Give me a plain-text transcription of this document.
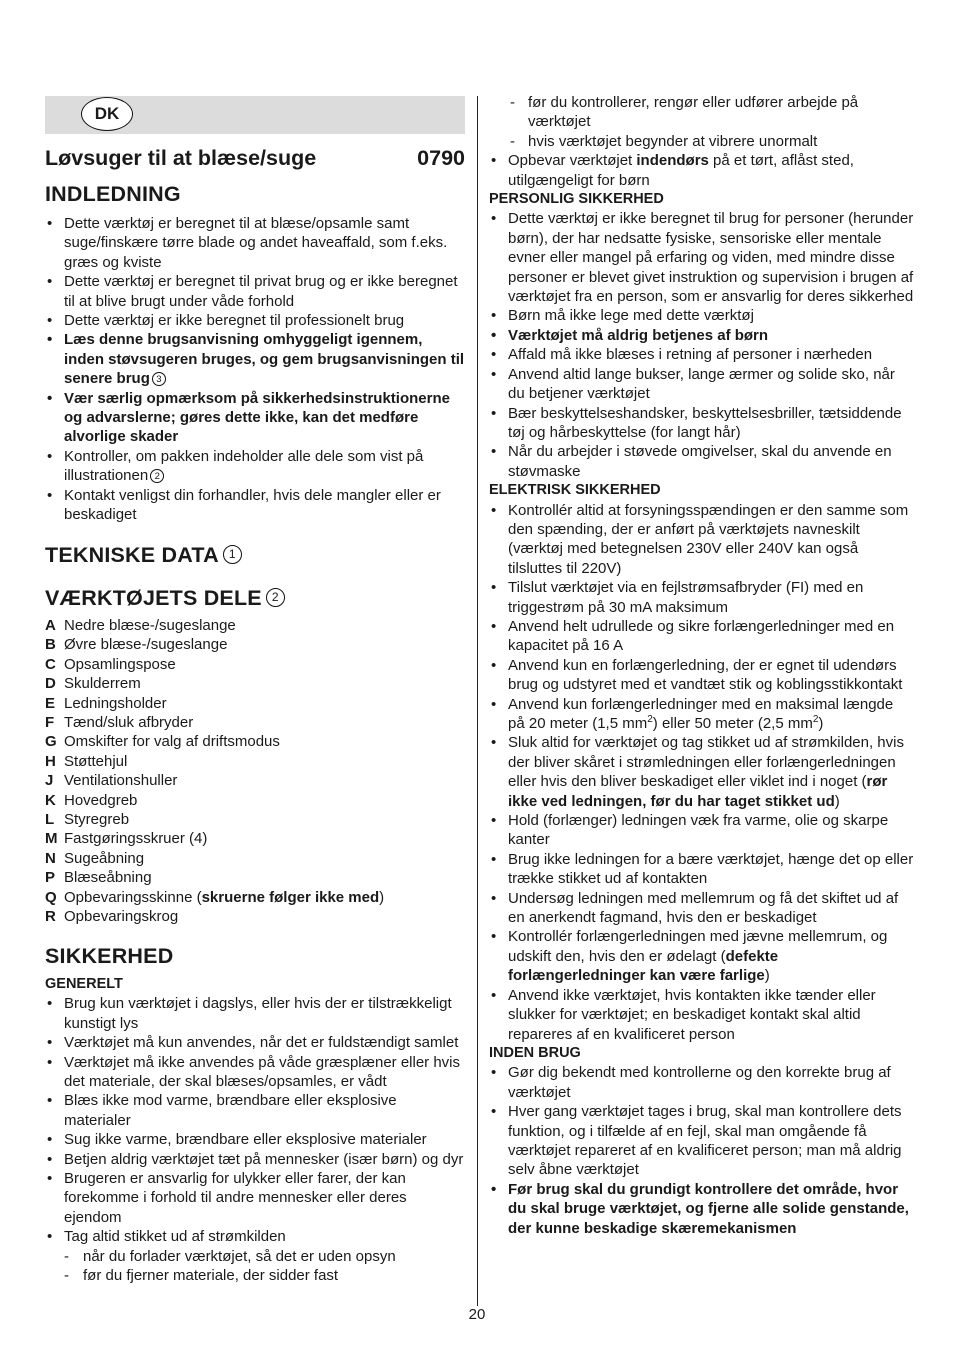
DK
Løvsuger til at blæse/suge	0790
INDLEDNING
• Dette værktøj er beregnet til at blæse/opsamle samt suge/finskære tørre blade og andet haveaffald, som f.eks. græs og kviste
• Dette værktøj er beregnet til privat brug og er ikke beregnet til at blive brugt under våde forhold
• Dette værktøj er ikke beregnet til professionelt brug
• Læs denne brugsanvisning omhyggeligt igennem, inden støvsugeren bruges, og gem brugsanvisningen til senere brug 3
• Vær særlig opmærksom på sikkerhedsinstruktionerne og advarslerne; gøres dette ikke, kan det medføre alvorlige skader
• Kontroller, om pakken indeholder alle dele som vist på illustrationen 2
• Kontakt venligst din forhandler, hvis dele mangler eller er beskadiget
TEKNISKE DATA 1
VÆRKTØJETS DELE 2
A Nedre blæse-/sugeslange
B Øvre blæse-/sugeslange
C Opsamlingspose
D Skulderrem
E Ledningsholder
F Tænd/sluk afbryder
G Omskifter for valg af driftsmodus
H Støttehjul
J Ventilationshuller
K Hovedgreb
L Styregreb
M Fastgøringsskruer (4)
N Sugeåbning
P Blæseåbning
Q Opbevaringsskinne (skruerne følger ikke med)
R Opbevaringskrog
SIKKERHED
GENERELT
• Brug kun værktøjet i dagslys, eller hvis der er tilstrækkeligt kunstigt lys
• Værktøjet må kun anvendes, når det er fuldstændigt samlet
• Værktøjet må ikke anvendes på våde græsplæner eller hvis det materiale, der skal blæses/opsamles, er vådt
• Blæs ikke mod varme, brændbare eller eksplosive materialer
• Sug ikke varme, brændbare eller eksplosive materialer
• Betjen aldrig værktøjet tæt på mennesker (især børn) og dyr
• Brugeren er ansvarlig for ulykker eller farer, der kan forekomme i forhold til andre mennesker eller deres ejendom
• Tag altid stikket ud af strømkilden
- når du forlader værktøjet, så det er uden opsyn
- før du fjerner materiale, der sidder fast
- før du kontrollerer, rengør eller udfører arbejde på værktøjet
- hvis værktøjet begynder at vibrere unormalt
• Opbevar værktøjet indendørs på et tørt, aflåst sted, utilgængeligt for børn
PERSONLIG SIKKERHED
• Dette værktøj er ikke beregnet til brug for personer (herunder børn), der har nedsatte fysiske, sensoriske eller mentale evner eller mangel på erfaring og viden, med mindre disse personer er blevet givet instruktion og supervision i brugen af værktøjet fra en person, som er ansvarlig for deres sikkerhed
• Børn må ikke lege med dette værktøj
• Værktøjet må aldrig betjenes af børn
• Affald må ikke blæses i retning af personer i nærheden
• Anvend altid lange bukser, lange ærmer og solide sko, når du betjener værktøjet
• Bær beskyttelseshandsker, beskyttelsesbriller, tætsiddende tøj og hårbeskyttelse (for langt hår)
• Når du arbejder i støvede omgivelser, skal du anvende en støvmaske
ELEKTRISK SIKKERHED
• Kontrollér altid at forsyningsspændingen er den samme som den spænding, der er anført på værktøjets navneskilt (værktøj med betegnelsen 230V eller 240V kan også tilsluttes til 220V)
• Tilslut værktøjet via en fejlstrømsafbryder (FI) med en triggestrøm på 30 mA maksimum
• Anvend helt udrullede og sikre forlængerledninger med en kapacitet på 16 A
• Anvend kun en forlængerledning, der er egnet til udendørs brug og udstyret med et vandtæt stik og koblingsstikkontakt
• Anvend kun forlængerledninger med en maksimal længde på 20 meter (1,5 $mm^2$) eller 50 meter (2,5 $mm^2$)
• Sluk altid for værktøjet og tag stikket ud af strømkilden, hvis der bliver skåret i strømledningen eller forlængerledningen eller hvis den bliver beskadiget eller viklet ind i noget (rør ikke ved ledningen, før du har taget stikket ud)
• Hold (forlænger) ledningen væk fra varme, olie og skarpe kanter
• Brug ikke ledningen for a bære værktøjet, hænge det op eller trække stikket ud af kontakten
• Undersøg ledningen med mellemrum og få det skiftet ud af en anerkendt fagmand, hvis den er beskadiget
• Kontrollér forlængerledningen med jævne mellemrum, og udskift den, hvis den er ødelagt (defekte forlængerledninger kan være farlige)
• Anvend ikke værktøjet, hvis kontakten ikke tænder eller slukker for værktøjet; en beskadiget kontakt skal altid repareres af en kvalificeret person
INDEN BRUG
• Gør dig bekendt med kontrollerne og den korrekte brug af værktøjet
• Hver gang værktøjet tages i brug, skal man kontrollere dets funktion, og i tilfælde af en fejl, skal man omgående få værktøjet repareret af en kvalificeret person; man må aldrig selv åbne værktøjet
• Før brug skal du grundigt kontrollere det område, hvor du skal bruge værktøjet, og fjerne alle solide genstande, der kunne beskadige skæremekanismen
20
